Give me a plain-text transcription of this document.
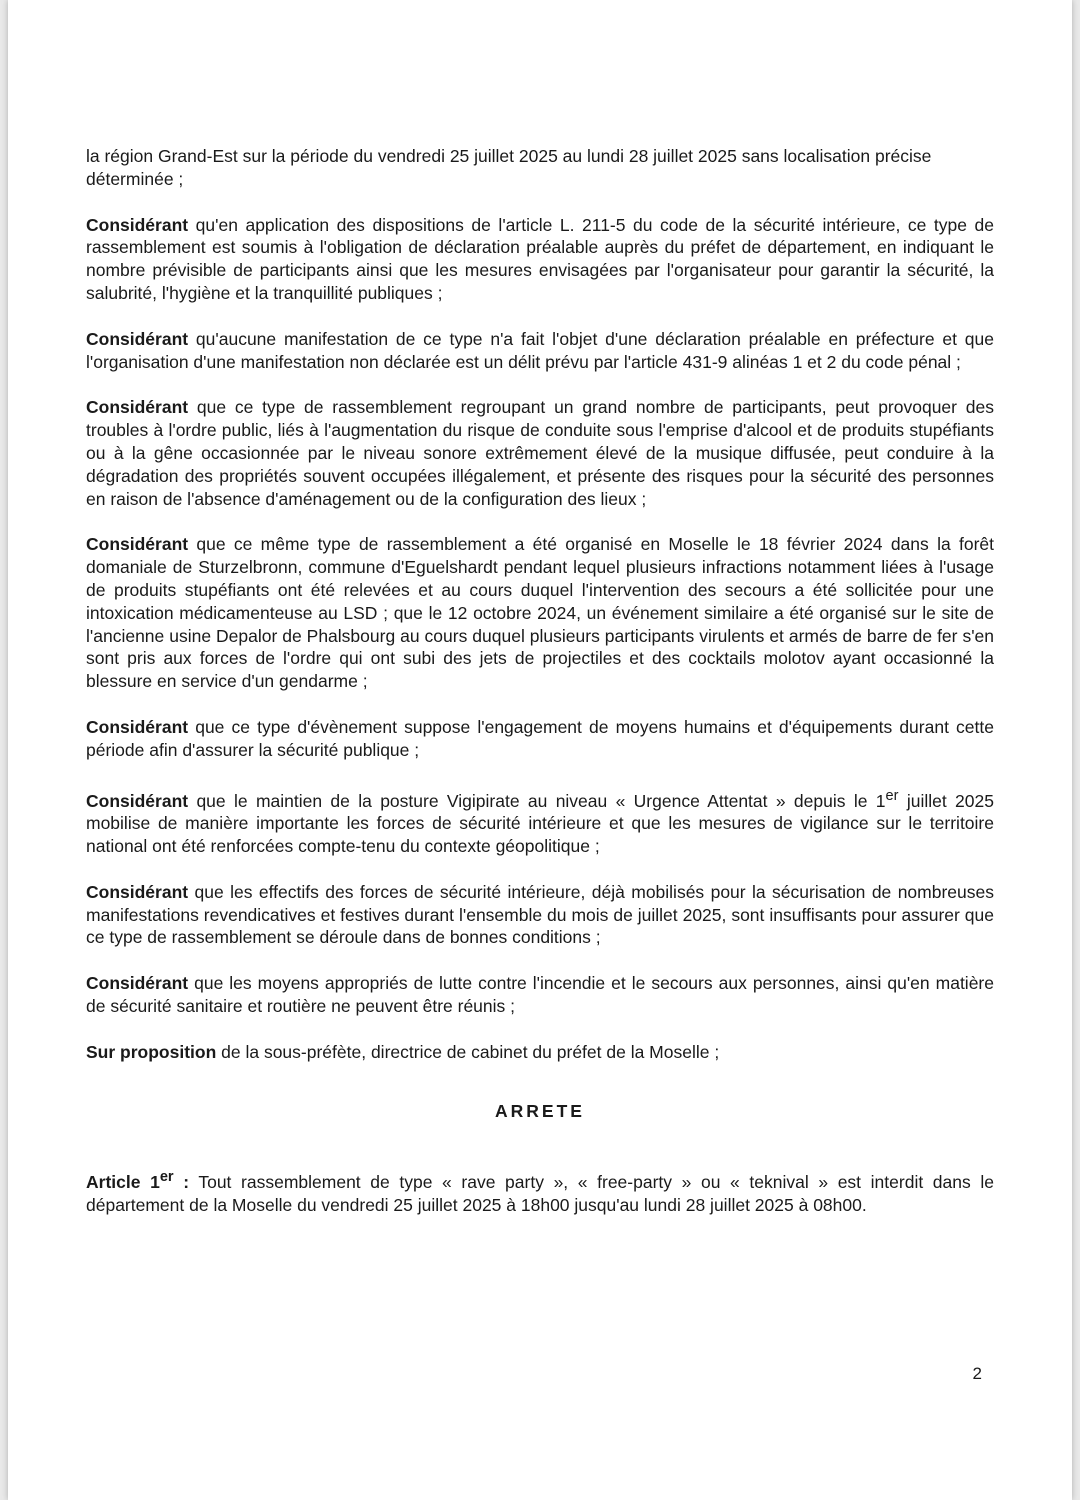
la région Grand-Est sur la période du vendredi 25 juillet 2025 au lundi 28 juillet 2025 sans localisation précise déterminée ;

Considérant qu'en application des dispositions de l'article L. 211-5 du code de la sécurité intérieure, ce type de rassemblement est soumis à l'obligation de déclaration préalable auprès du préfet de département, en indiquant le nombre prévisible de participants ainsi que les mesures envisagées par l'organisateur pour garantir la sécurité, la salubrité, l'hygiène et la tranquillité publiques ;

Considérant qu'aucune manifestation de ce type n'a fait l'objet d'une déclaration préalable en préfecture et que l'organisation d'une manifestation non déclarée est un délit prévu par l'article 431-9 alinéas 1 et 2 du code pénal ;

Considérant que ce type de rassemblement regroupant un grand nombre de participants, peut provoquer des troubles à l'ordre public, liés à l'augmentation du risque de conduite sous l'emprise d'alcool et de produits stupéfiants ou à la gêne occasionnée par le niveau sonore extrêmement élevé de la musique diffusée, peut conduire à la dégradation des propriétés souvent occupées illégalement, et présente des risques pour la sécurité des personnes en raison de l'absence d'aménagement ou de la configuration des lieux ;

Considérant que ce même type de rassemblement a été organisé en Moselle le 18 février 2024 dans la forêt domaniale de Sturzelbronn, commune d'Eguelshardt pendant lequel plusieurs infractions notamment liées à l'usage de produits stupéfiants ont été relevées et au cours duquel l'intervention des secours a été sollicitée pour une intoxication médicamenteuse au LSD ; que le 12 octobre 2024, un événement similaire a été organisé sur le site de l'ancienne usine Depalor de Phalsbourg au cours duquel plusieurs participants virulents et armés de barre de fer s'en sont pris aux forces de l'ordre qui ont subi des jets de projectiles et des cocktails molotov ayant occasionné la blessure en service d'un gendarme ;

Considérant que ce type d'évènement suppose l'engagement de moyens humains et d'équipements durant cette période afin d'assurer la sécurité publique ;

Considérant que le maintien de la posture Vigipirate au niveau « Urgence Attentat » depuis le 1er juillet 2025 mobilise de manière importante les forces de sécurité intérieure et que les mesures de vigilance sur le territoire national ont été renforcées compte-tenu du contexte géopolitique ;

Considérant que les effectifs des forces de sécurité intérieure, déjà mobilisés pour la sécurisation de nombreuses manifestations revendicatives et festives durant l'ensemble du mois de juillet 2025, sont insuffisants pour assurer que ce type de rassemblement se déroule dans de bonnes conditions ;

Considérant que les moyens appropriés de lutte contre l'incendie et le secours aux personnes, ainsi qu'en matière de sécurité sanitaire et routière ne peuvent être réunis ;

Sur proposition de la sous-préfète, directrice de cabinet du préfet de la Moselle ;

ARRETE

Article 1er : Tout rassemblement de type « rave party », « free-party » ou « teknival » est interdit dans le département de la Moselle du vendredi 25 juillet 2025 à 18h00 jusqu'au lundi 28 juillet 2025 à 08h00.

2
